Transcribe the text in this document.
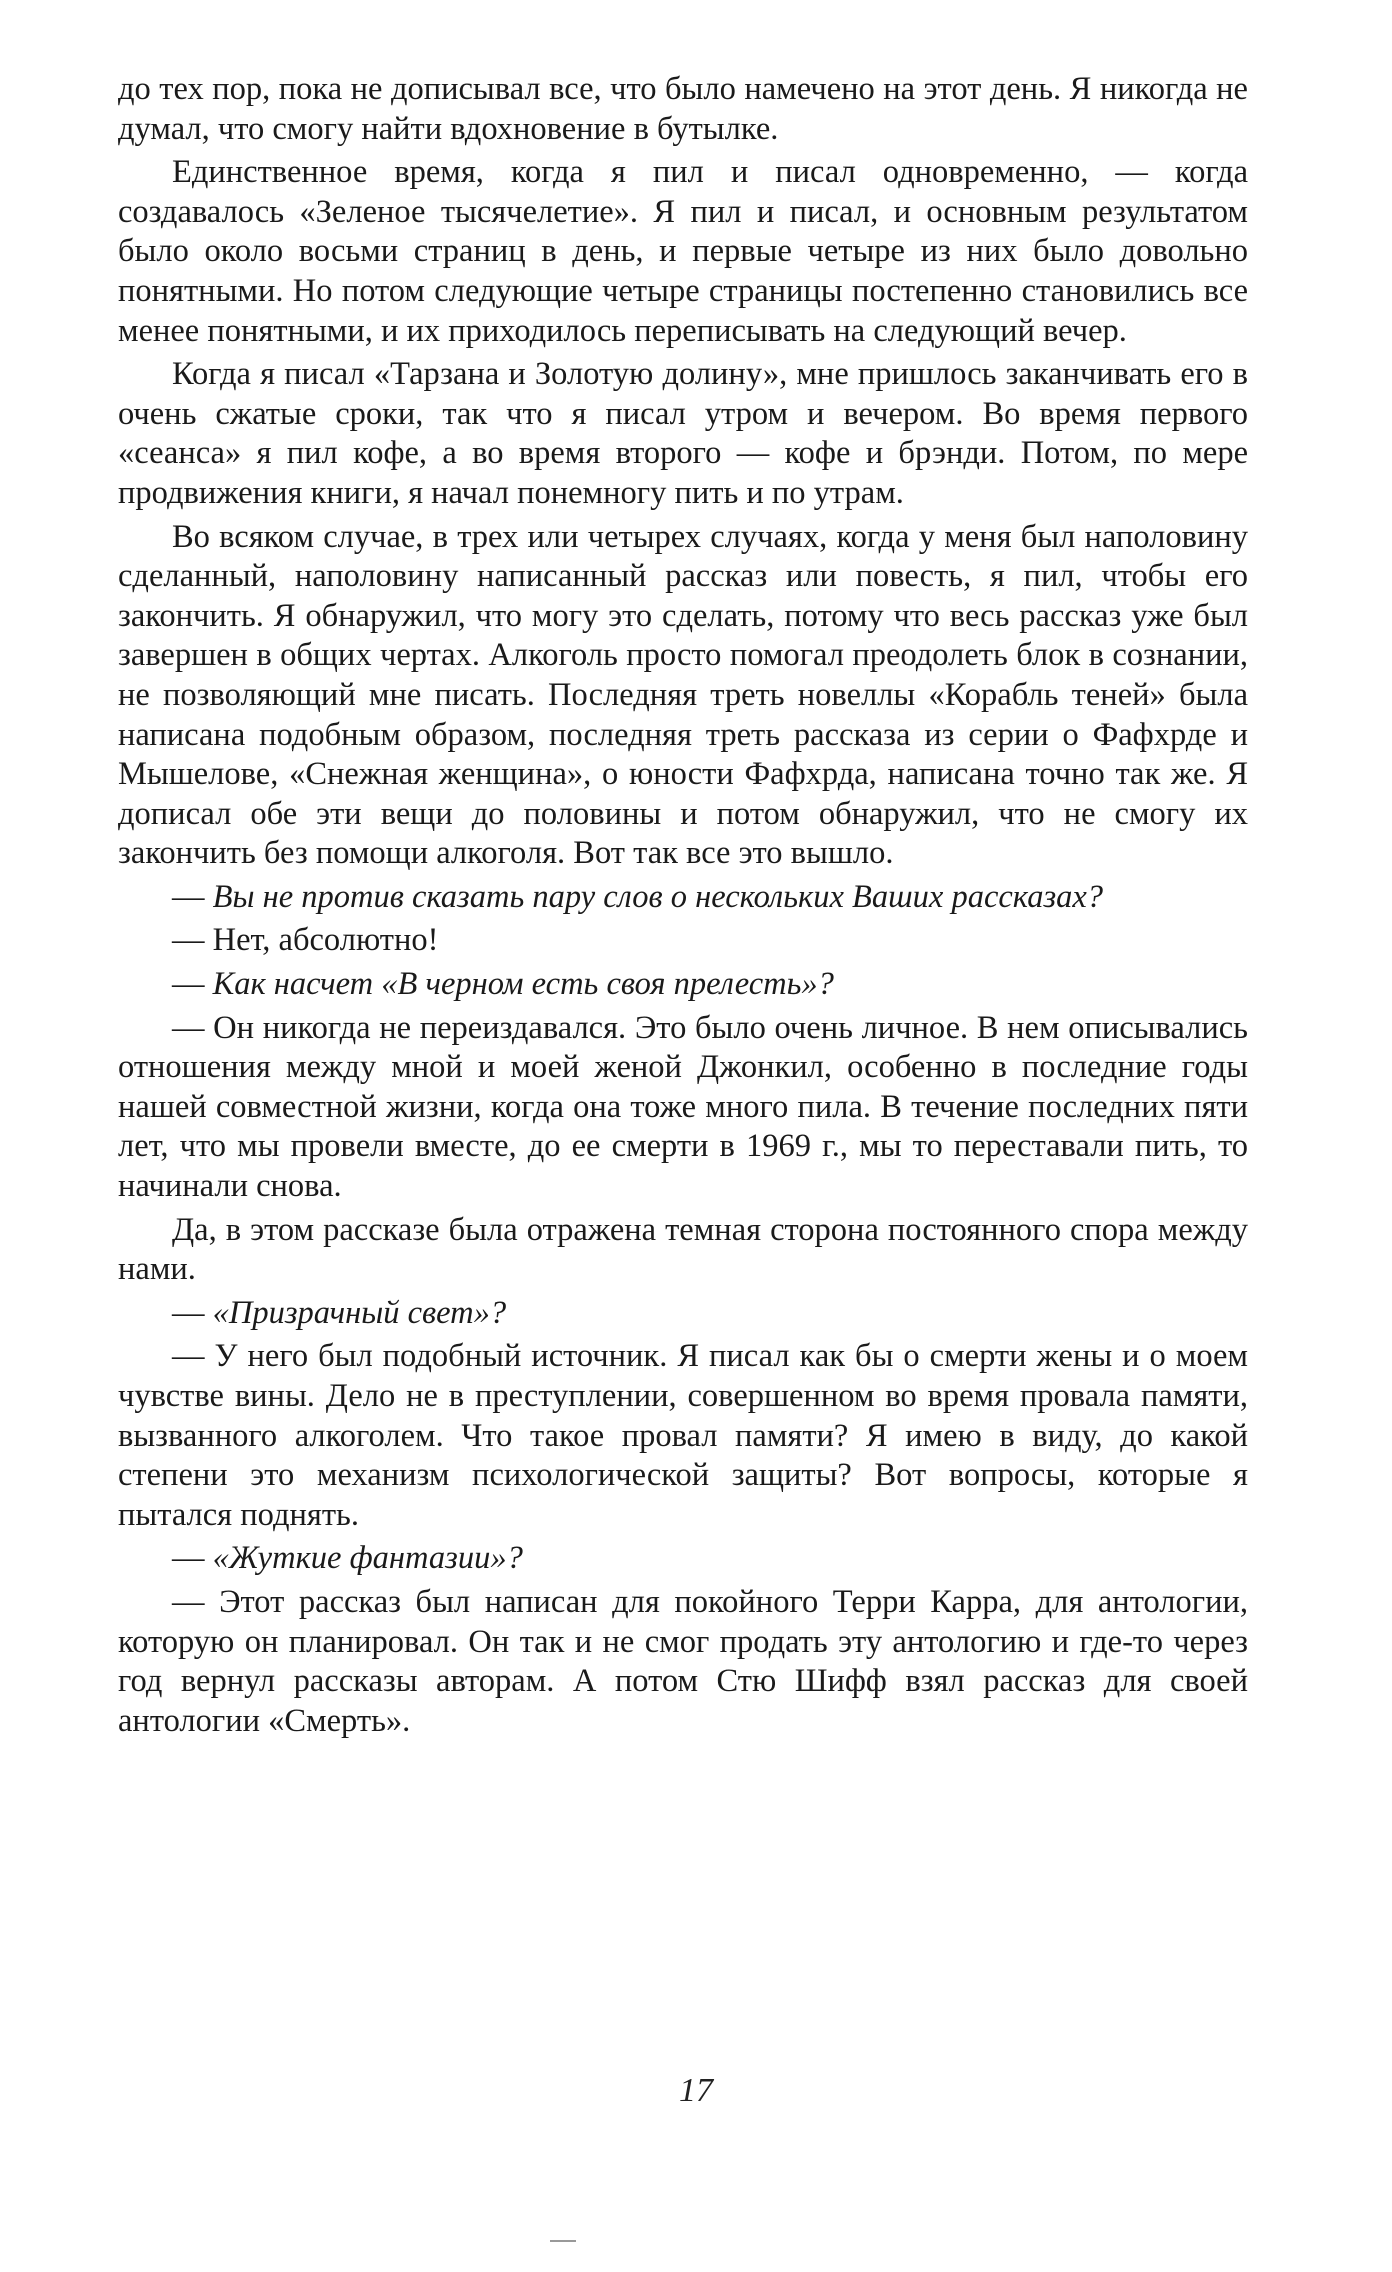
до тех пор, пока не дописывал все, что было намечено на этот день. Я никогда не думал, что смогу найти вдохновение в бутылке.

Единственное время, когда я пил и писал одновременно, — когда создавалось «Зеленое тысячелетие». Я пил и писал, и основным результатом было около восьми страниц в день, и первые четыре из них было довольно понятными. Но потом следующие четыре страницы постепенно становились все менее понятными, и их приходилось переписывать на следующий вечер.

Когда я писал «Тарзана и Золотую долину», мне пришлось заканчивать его в очень сжатые сроки, так что я писал утром и вечером. Во время первого «сеанса» я пил кофе, а во время второго — кофе и брэнди. Потом, по мере продвижения книги, я начал понемногу пить и по утрам.

Во всяком случае, в трех или четырех случаях, когда у меня был наполовину сделанный, наполовину написанный рассказ или повесть, я пил, чтобы его закончить. Я обнаружил, что могу это сделать, потому что весь рассказ уже был завершен в общих чертах. Алкоголь просто помогал преодолеть блок в сознании, не позволяющий мне писать. Последняя треть новеллы «Корабль теней» была написана подобным образом, последняя треть рассказа из серии о Фафхрде и Мышелове, «Снежная женщина», о юности Фафхрда, написана точно так же. Я дописал обе эти вещи до половины и потом обнаружил, что не смогу их закончить без помощи алкоголя. Вот так все это вышло.

— Вы не против сказать пару слов о нескольких Ваших рассказах?

— Нет, абсолютно!

— Как насчет «В черном есть своя прелесть»?

— Он никогда не переиздавался. Это было очень личное. В нем описывались отношения между мной и моей женой Джонкил, особенно в последние годы нашей совместной жизни, когда она тоже много пила. В течение последних пяти лет, что мы провели вместе, до ее смерти в 1969 г., мы то переставали пить, то начинали снова.

Да, в этом рассказе была отражена темная сторона постоянного спора между нами.

— «Призрачный свет»?

— У него был подобный источник. Я писал как бы о смерти жены и о моем чувстве вины. Дело не в преступлении, совершенном во время провала памяти, вызванного алкоголем. Что такое провал памяти? Я имею в виду, до какой степени это механизм психологической защиты? Вот вопросы, которые я пытался поднять.

— «Жуткие фантазии»?

— Этот рассказ был написан для покойного Терри Карра, для антологии, которую он планировал. Он так и не смог продать эту антологию и где-то через год вернул рассказы авторам. А потом Стю Шифф взял рассказ для своей антологии «Смерть».

17
